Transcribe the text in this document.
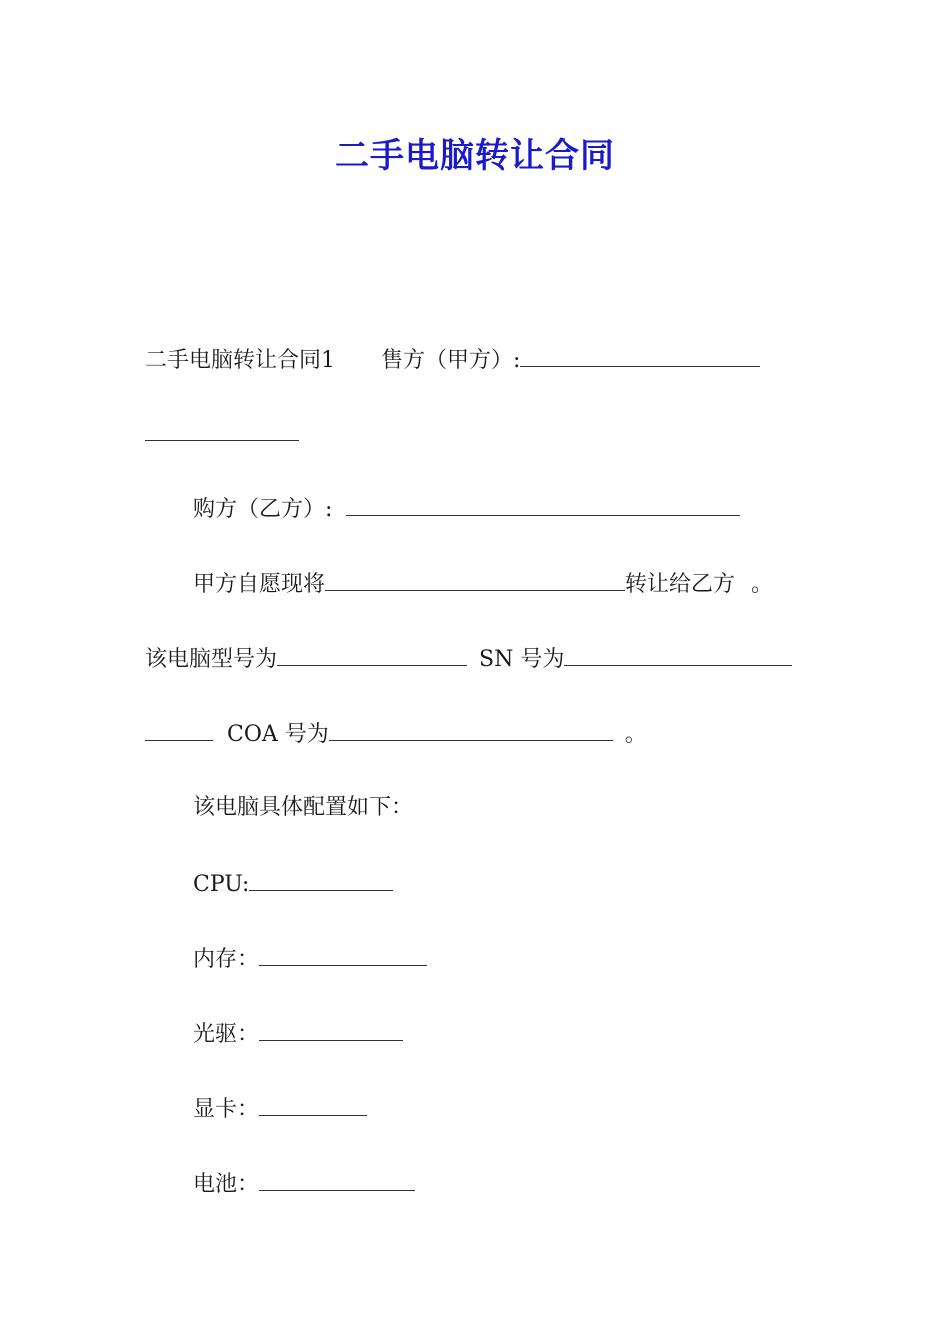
二手电脑转让合同
二手电脑转让合同1 售方（甲方）:
购方（乙方）:
甲方自愿现将	转让给乙方 。
该电脑型号为	SN 号为
COA 号为	。
该电脑具体配置如下：
CPU:
内存：
光驱：
显卡：
电池：
